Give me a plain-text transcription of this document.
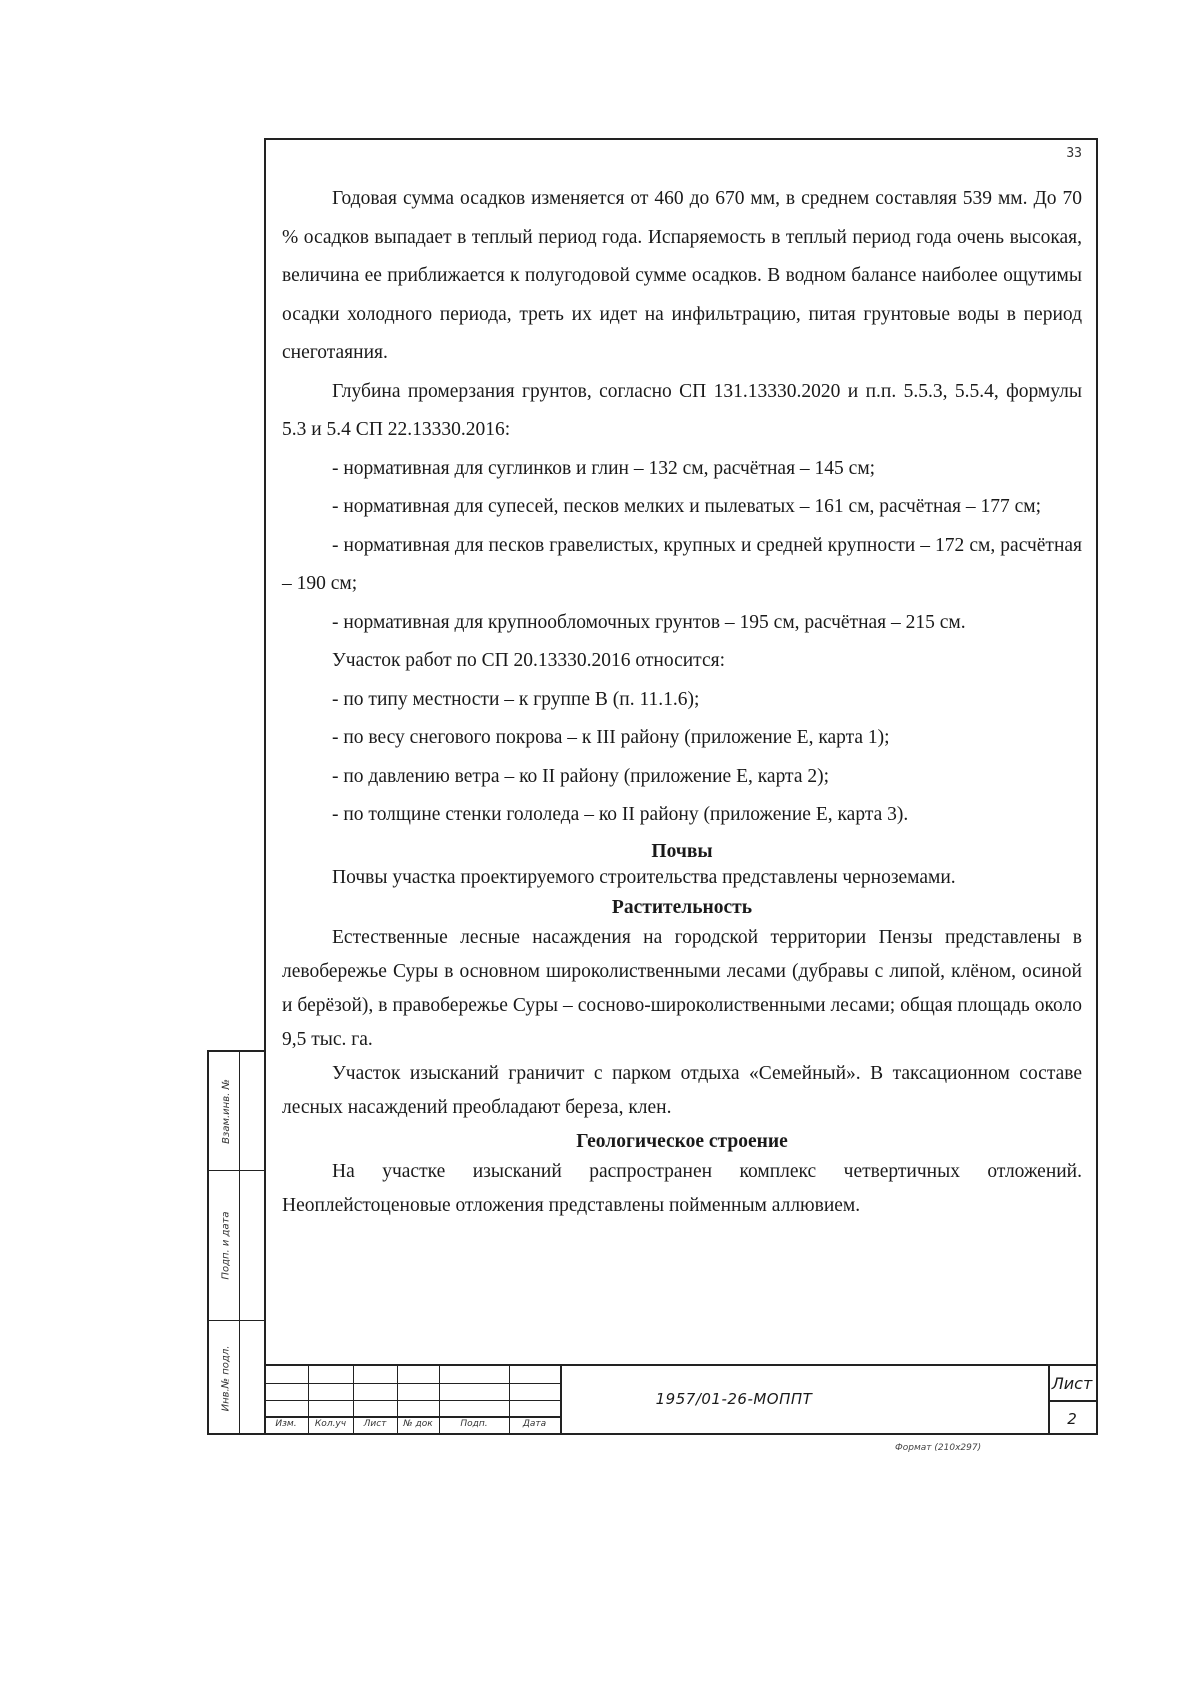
33

Годовая сумма осадков изменяется от 460 до 670 мм, в среднем составляя 539 мм. До 70 % осадков выпадает в теплый период года. Испаряемость в теплый период года очень высокая, величина ее приближается к полугодовой сумме осадков. В водном балансе наиболее ощутимы осадки холодного периода, треть их идет на инфильтрацию, питая грунтовые воды в период снеготаяния.

Глубина промерзания грунтов, согласно СП 131.13330.2020 и п.п. 5.5.3, 5.5.4, формулы 5.3 и 5.4 СП 22.13330.2016:

- нормативная для суглинков и глин – 132 см, расчётная – 145 см;

- нормативная для супесей, песков мелких и пылеватых – 161 см, расчётная – 177 см;

- нормативная для песков гравелистых, крупных и средней крупности – 172 см, расчётная – 190 см;

- нормативная для крупнообломочных грунтов – 195 см, расчётная – 215 см.

Участок работ по СП 20.13330.2016 относится:

- по типу местности – к группе В (п. 11.1.6);

- по весу снегового покрова – к III району (приложение Е, карта 1);

- по давлению ветра – ко II району (приложение Е, карта 2);

- по толщине стенки гололеда – ко II району (приложение Е, карта 3).

Почвы

Почвы участка проектируемого строительства представлены черноземами.

Растительность

Естественные лесные насаждения на городской территории Пензы представлены в левобережье Суры в основном широколиственными лесами (дубравы с липой, клёном, осиной и берёзой), в правобережье Суры – сосново-широколиственными лесами; общая площадь около 9,5 тыс. га.

Участок изысканий граничит с парком отдыха «Семейный». В таксационном составе лесных насаждений преобладают береза, клен.

Геологическое строение

На участке изысканий распространен комплекс четвертичных отложений. Неоплейстоценовые отложения представлены пойменным аллювием.

Взам.инв. №
Подп. и дата
Инв.№ подл.
Изм.	Кол.уч	Лист	№ док	Подп.	Дата
1957/01-26-МОППТ
Лист
2
Формат (210х297)
